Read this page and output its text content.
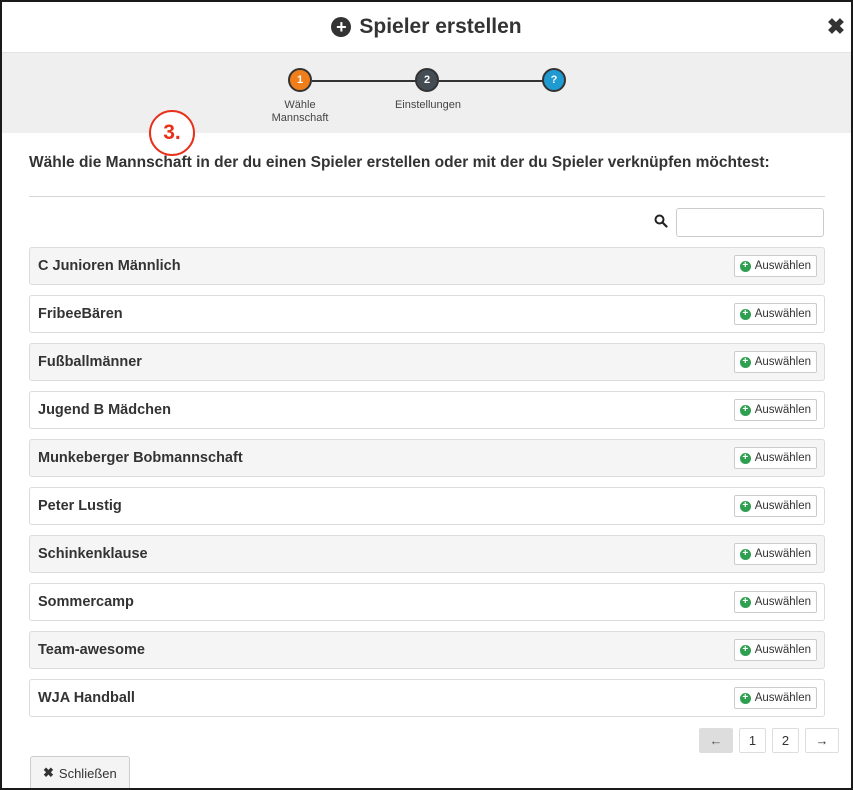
+ Spieler erstellen	✖
1	2	?
Wähle
Mannschaft
Einstellungen
3.
Wähle die Mannschaft in der du einen Spieler erstellen oder mit der du Spieler verknüpfen möchtest:
C Junioren Männlich	+ Auswählen
FribeeBären	+ Auswählen
Fußballmänner	+ Auswählen
Jugend B Mädchen	+ Auswählen
Munkeberger Bobmannschaft	+ Auswählen
Peter Lustig	+ Auswählen
Schinkenklause	+ Auswählen
Sommercamp	+ Auswählen
Team-awesome	+ Auswählen
WJA Handball	+ Auswählen
←	1	2	→
✖ Schließen
